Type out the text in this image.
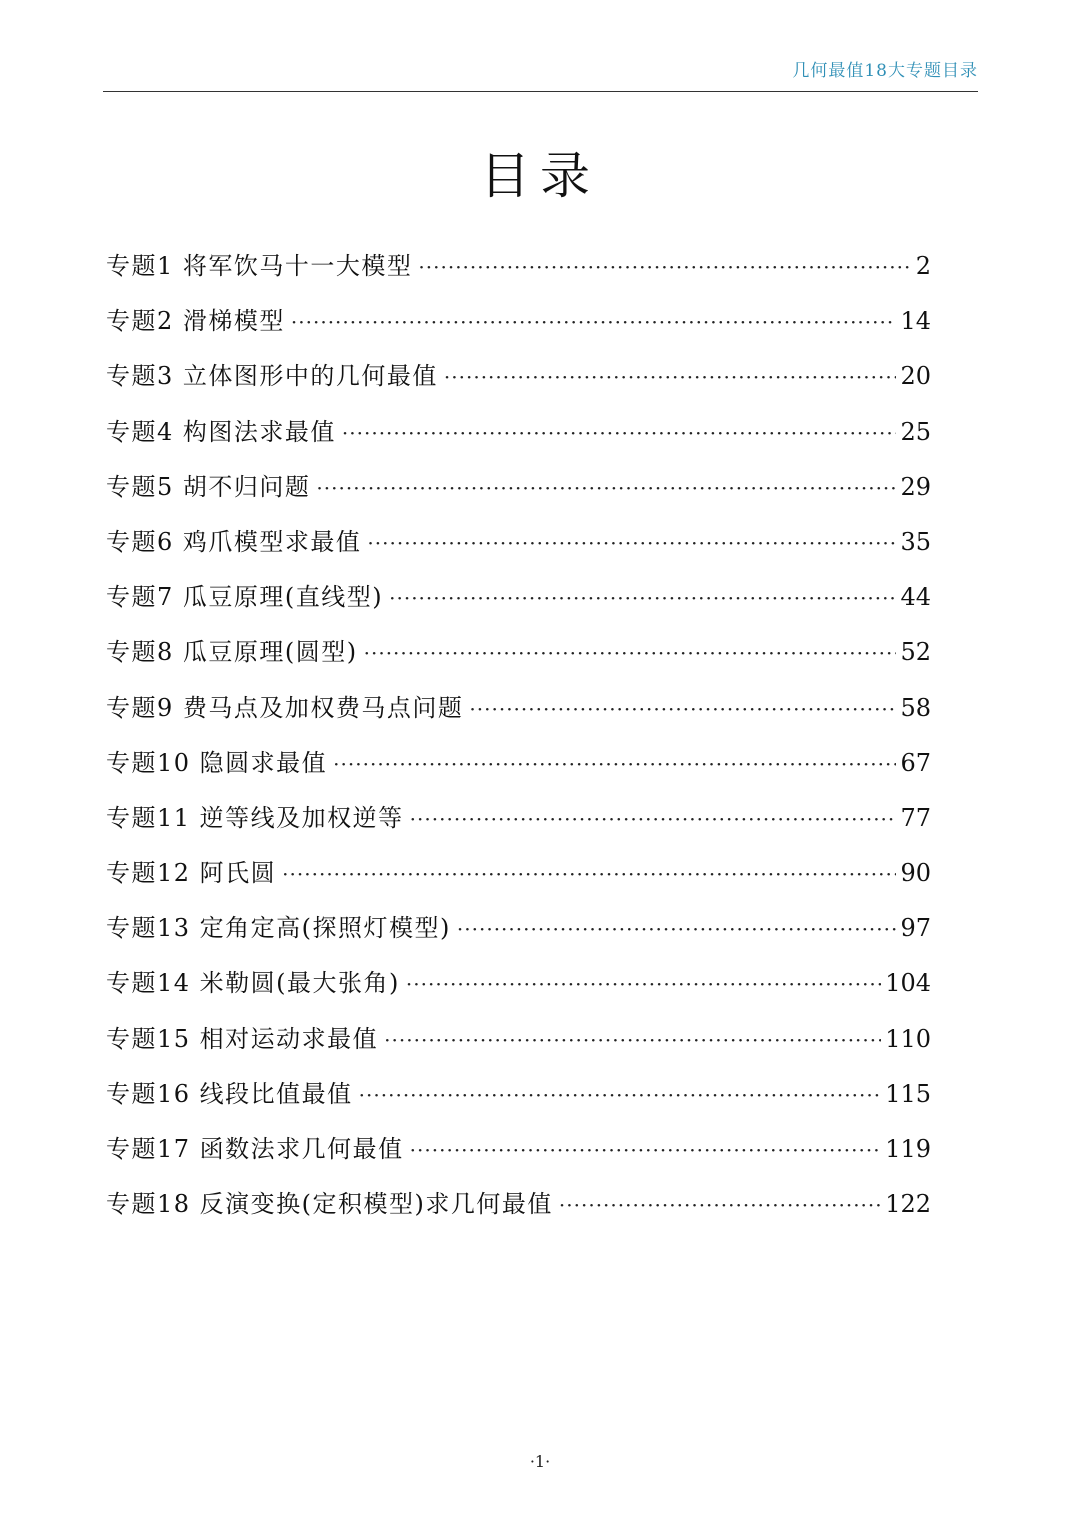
几何最值18大专题目录
目录
专题1 将军饮马十一大模型 ·····	2
专题2 滑梯模型 ·····	14
专题3 立体图形中的几何最值 ·····	20
专题4 构图法求最值 ·····	25
专题5 胡不归问题 ·····	29
专题6 鸡爪模型求最值 ·····	35
专题7 瓜豆原理(直线型) ·····	44
专题8 瓜豆原理(圆型) ·····	52
专题9 费马点及加权费马点问题 ·····	58
专题10 隐圆求最值 ·····	67
专题11 逆等线及加权逆等 ·····	77
专题12 阿氏圆 ·····	90
专题13 定角定高(探照灯模型) ·····	97
专题14 米勒圆(最大张角) ·····	104
专题15 相对运动求最值 ·····	110
专题16 线段比值最值 ·····	115
专题17 函数法求几何最值 ·····	119
专题18 反演变换(定积模型)求几何最值 ·····	122
·1·
